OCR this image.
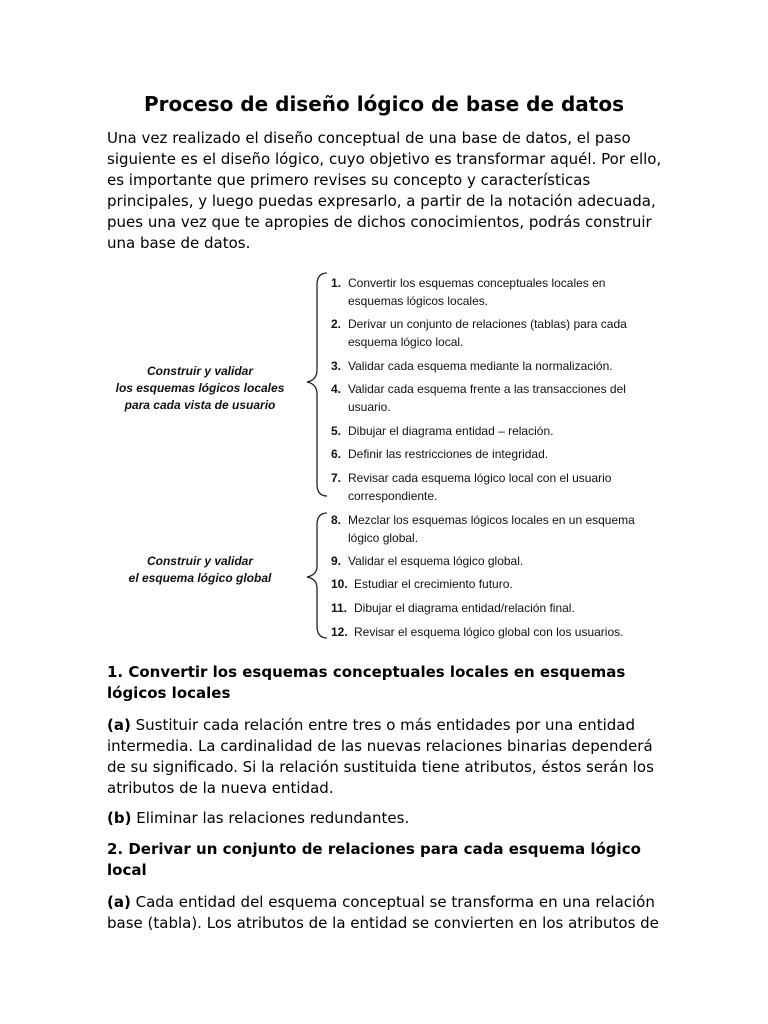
Proceso de diseño lógico de base de datos

Una vez realizado el diseño conceptual de una base de datos, el paso siguiente es el diseño lógico, cuyo objetivo es transformar aquél. Por ello, es importante que primero revises su concepto y características principales, y luego puedas expresarlo, a partir de la notación adecuada, pues una vez que te apropies de dichos conocimientos, podrás construir una base de datos.

Construir y validar
los esquemas lógicos locales
para cada vista de usuario

Construir y validar
el esquema lógico global

1. Convertir los esquemas conceptuales locales en
esquemas lógicos locales.
2. Derivar un conjunto de relaciones (tablas) para cada
esquema lógico local.
3. Validar cada esquema mediante la normalización.
4. Validar cada esquema frente a las transacciones del
usuario.
5. Dibujar el diagrama entidad – relación.
6. Definir las restricciones de integridad.
7. Revisar cada esquema lógico local con el usuario
correspondiente.
8. Mezclar los esquemas lógicos locales en un esquema
lógico global.
9. Validar el esquema lógico global.
10. Estudiar el crecimiento futuro.
11. Dibujar el diagrama entidad/relación final.
12. Revisar el esquema lógico global con los usuarios.
1. Convertir los esquemas conceptuales locales en esquemas lógicos locales

(a) Sustituir cada relación entre tres o más entidades por una entidad intermedia. La cardinalidad de las nuevas relaciones binarias dependerá de su significado. Si la relación sustituida tiene atributos, éstos serán los atributos de la nueva entidad.

(b) Eliminar las relaciones redundantes.

2. Derivar un conjunto de relaciones para cada esquema lógico local

(a) Cada entidad del esquema conceptual se transforma en una relación base (tabla). Los atributos de la entidad se convierten en los atributos de
